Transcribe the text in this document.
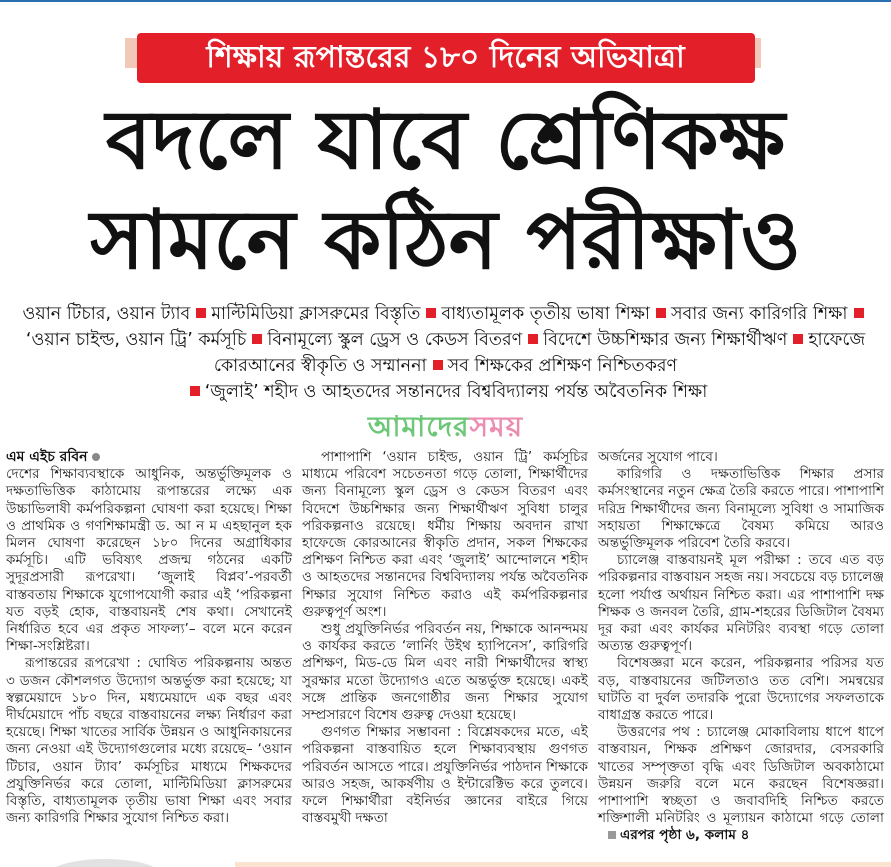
শিক্ষায় রূপান্তরের ১৮০ দিনের অভিযাত্রা
বদলে যাবে শ্রেণিকক্ষ
সামনে কঠিন পরীক্ষাও
ওয়ান টিচার, ওয়ান ট্যাব মাল্টিমিডিয়া ক্লাসরুমের বিস্তৃতি বাধ্যতামূলক তৃতীয় ভাষা শিক্ষা সবার জন্য কারিগরি শিক্ষা‘ওয়ান চাইল্ড, ওয়ান ট্রি’ কর্মসূচি বিনামূল্যে স্কুল ড্রেস ও কেডস বিতরণ বিদেশে উচ্চশিক্ষার জন্য শিক্ষার্থীঋণ হাফেজে কোরআনের স্বীকৃতি ও সম্মাননা সব শিক্ষকের প্রশিক্ষণ নিশ্চিতকরণ
‘জুলাই’ শহীদ ও আহতদের সন্তানদের বিশ্ববিদ্যালয় পর্যন্ত অবৈতনিক শিক্ষা
আমাদেরসময়
এম এইচ রবিন

দেশের শিক্ষাব্যবস্থাকে আধুনিক, অন্তর্ভুক্তিমূলক ও দক্ষতাভিত্তিক কাঠামোয় রূপান্তরের লক্ষ্যে এক উচ্চাভিলাষী কর্মপরিকল্পনা ঘোষণা করা হয়েছে। শিক্ষা ও প্রাথমিক ও গণশিক্ষামন্ত্রী ড. আ ন ম এহছানুল হক মিলন ঘোষণা করেছেন ১৮০ দিনের অগ্রাধিকার কর্মসূচি। এটি ভবিষ্যৎ প্রজন্ম গঠনের একটি সুদূরপ্রসারী রূপরেখা। ‘জুলাই বিপ্লব’-পরবর্তী বাস্তবতায় শিক্ষাকে যুগোপযোগী করার এই ‘পরিকল্পনা যত বড়ই হোক, বাস্তবায়নই শেষ কথা। সেখানেই নির্ধারিত হবে এর প্রকৃত সাফল্য’– বলে মনে করেন শিক্ষা-সংশ্লিষ্টরা।

রূপান্তরের রূপরেখা : ঘোষিত পরিকল্পনায় অন্তত ৩ ডজন কৌশলগত উদ্যোগ অন্তর্ভুক্ত করা হয়েছে; যা স্বল্পমেয়াদে ১৮০ দিন, মধ্যমেয়াদে এক বছর এবং দীর্ঘমেয়াদে পাঁচ বছরে বাস্তবায়নের লক্ষ্য নির্ধারণ করা হয়েছে। শিক্ষা খাতের সার্বিক উন্নয়ন ও আধুনিকায়নের জন্য নেওয়া এই উদ্যোগগুলোর মধ্যে রয়েছে– ‘ওয়ান টিচার, ওয়ান ট্যাব’ কর্মসূচির মাধ্যমে শিক্ষকদের প্রযুক্তিনির্ভর করে তোলা, মাল্টিমিডিয়া ক্লাসরুমের বিস্তৃতি, বাধ্যতামূলক তৃতীয় ভাষা শিক্ষা এবং সবার জন্য কারিগরি শিক্ষার সুযোগ নিশ্চিত করা।

পাশাপাশি ‘ওয়ান চাইল্ড, ওয়ান ট্রি’ কর্মসূচির মাধ্যমে পরিবেশ সচেতনতা গড়ে তোলা, শিক্ষার্থীদের জন্য বিনামূল্যে স্কুল ড্রেস ও কেডস বিতরণ এবং বিদেশে উচ্চশিক্ষার জন্য শিক্ষার্থীঋণ সুবিধা চালুর পরিকল্পনাও রয়েছে। ধর্মীয় শিক্ষায় অবদান রাখা হাফেজে কোরআনের স্বীকৃতি প্রদান, সকল শিক্ষকের প্রশিক্ষণ নিশ্চিত করা এবং ‘জুলাই’ আন্দোলনে শহীদ ও আহতদের সন্তানদের বিশ্ববিদ্যালয় পর্যন্ত অবৈতনিক শিক্ষার সুযোগ নিশ্চিত করাও এই কর্মপরিকল্পনার গুরুত্বপূর্ণ অংশ।

শুধু প্রযুক্তিনির্ভর পরিবর্তন নয়, শিক্ষাকে আনন্দময় ও কার্যকর করতে ‘লার্নিং উইথ হ্যাপিনেস’, কারিগরি প্রশিক্ষণ, মিড-ডে মিল এবং নারী শিক্ষার্থীদের স্বাস্থ্য সুরক্ষার মতো উদ্যোগও এতে অন্তর্ভুক্ত হয়েছে। একই সঙ্গে প্রান্তিক জনগোষ্ঠীর জন্য শিক্ষার সুযোগ সম্প্রসারণে বিশেষ গুরুত্ব দেওয়া হয়েছে।

গুণগত শিক্ষার সম্ভাবনা : বিশ্লেষকদের মতে, এই পরিকল্পনা বাস্তবায়িত হলে শিক্ষাব্যবস্থায় গুণগত পরিবর্তন আসতে পারে। প্রযুক্তিনির্ভর পাঠদান শিক্ষাকে আরও সহজ, আকর্ষণীয় ও ইন্টারেক্টিভ করে তুলবে। ফলে শিক্ষার্থীরা বইনির্ভর জ্ঞানের বাইরে গিয়ে বাস্তবমুখী দক্ষতা

অর্জনের সুযোগ পাবে।

কারিগরি ও দক্ষতাভিত্তিক শিক্ষার প্রসার কর্মসংস্থানের নতুন ক্ষেত্র তৈরি করতে পারে। পাশাপাশি দরিদ্র শিক্ষার্থীদের জন্য বিনামূল্যে সুবিধা ও সামাজিক সহায়তা শিক্ষাক্ষেত্রে বৈষম্য কমিয়ে আরও অন্তর্ভুক্তিমূলক পরিবেশ তৈরি করবে।

চ্যালেঞ্জ বাস্তবায়নই মূল পরীক্ষা : তবে এত বড় পরিকল্পনার বাস্তবায়ন সহজ নয়। সবচেয়ে বড় চ্যালেঞ্জ হলো পর্যাপ্ত অর্থায়ন নিশ্চিত করা। এর পাশাপাশি দক্ষ শিক্ষক ও জনবল তৈরি, গ্রাম-শহরের ডিজিটাল বৈষম্য দূর করা এবং কার্যকর মনিটরিং ব্যবস্থা গড়ে তোলা অত্যন্ত গুরুত্বপূর্ণ।

বিশেষজ্ঞরা মনে করেন, পরিকল্পনার পরিসর যত বড়, বাস্তবায়নের জটিলতাও তত বেশি। সমন্বয়ের ঘাটতি বা দুর্বল তদারকি পুরো উদ্যোগের সফলতাকে বাধাগ্রস্ত করতে পারে।

উত্তরণের পথ : চ্যালেঞ্জ মোকাবিলায় ধাপে ধাপে বাস্তবায়ন, শিক্ষক প্রশিক্ষণ জোরদার, বেসরকারি খাতের সম্পৃক্ততা বৃদ্ধি এবং ডিজিটাল অবকাঠামো উন্নয়ন জরুরি বলে মনে করছেন বিশেষজ্ঞরা। পাশাপাশি স্বচ্ছতা ও জবাবদিহি নিশ্চিত করতে শক্তিশালী মনিটরিং ও মূল্যায়ন কাঠামো গড়ে তোলাএরপর পৃষ্ঠা ৬, কলাম ৪
